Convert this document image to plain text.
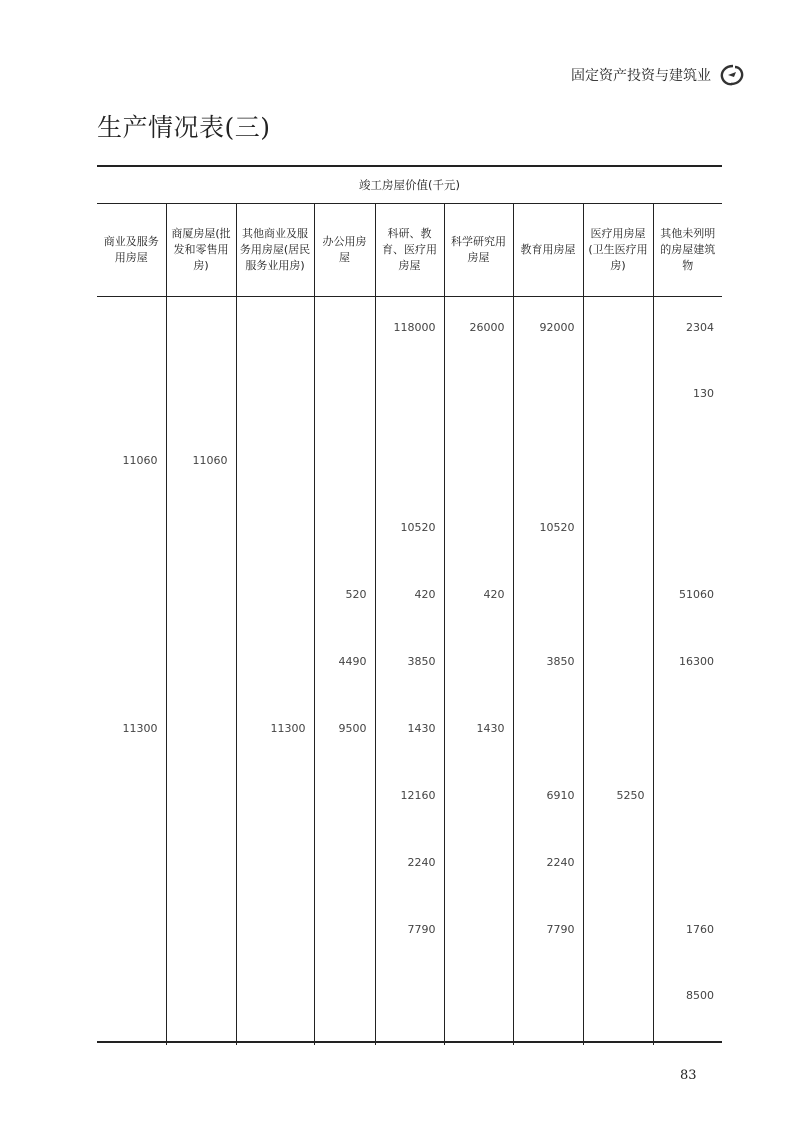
固定资产投资与建筑业
生产情况表(三)
竣工房屋价值(千元)								
商业及服务用房屋	商厦房屋(批发和零售用房)	其他商业及服务用房屋(居民服务业用房)	办公用房屋	科研、教育、医疗用房屋	科学研究用房屋	教育用房屋	医疗用房屋(卫生医疗用房)	其他未列明的房屋建筑物

				118000	26000	92000		2304
								130
11060	11060							
				10520		10520		
			520	420	420			51060
			4490	3850		3850		16300
11300		11300	9500	1430	1430			
				12160		6910	5250	
				2240		2240		
				7790		7790		1760
								8500
83
